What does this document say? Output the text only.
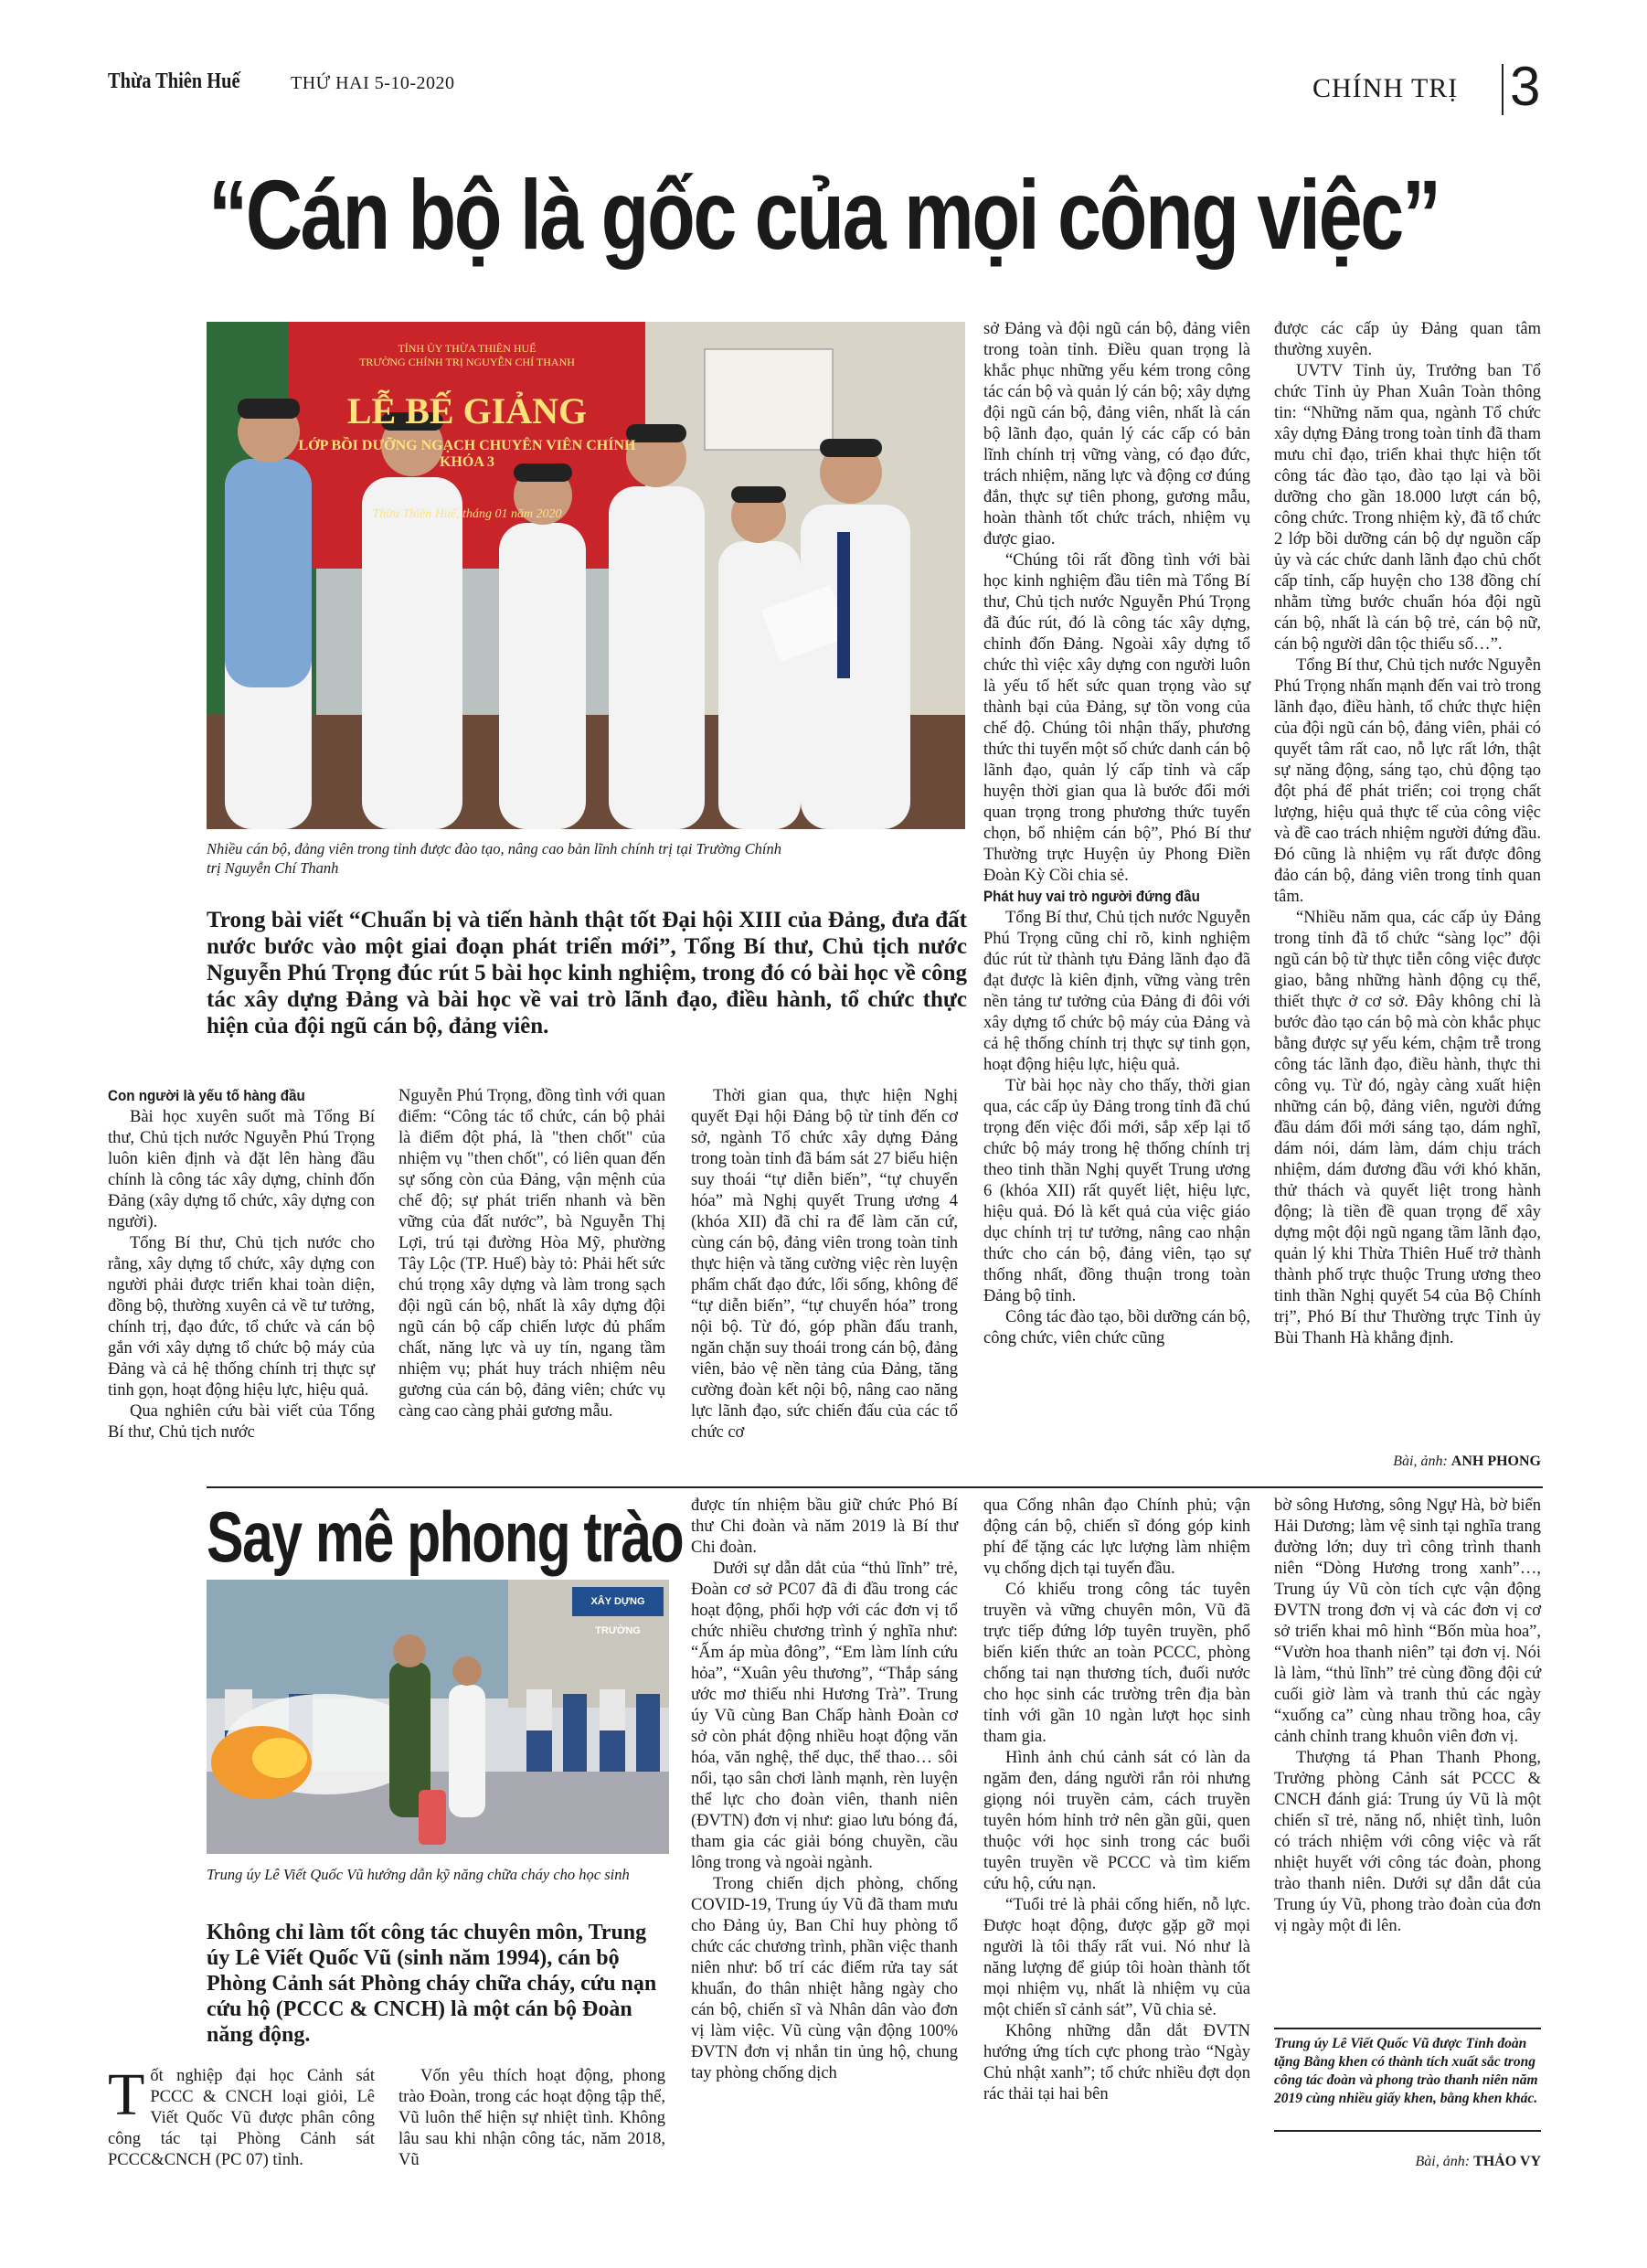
Thừa Thiên Huế	THỨ HAI 5-10-2020	CHÍNH TRỊ 3
“Cán bộ là gốc của mọi công việc”
TỈNH ỦY THỪA THIÊN HUẾ
TRƯỜNG CHÍNH TRỊ NGUYỄN CHÍ THANH
LỄ BẾ GIẢNG
LỚP BỒI DƯỠNG NGẠCH CHUYÊN VIÊN CHÍNH KHÓA 3
Thừa Thiên Huế, tháng 01 năm 2020
Nhiều cán bộ, đảng viên trong tỉnh được đào tạo, nâng cao bản lĩnh chính trị tại Trường Chính trị Nguyễn Chí Thanh
Trong bài viết “Chuẩn bị và tiến hành thật tốt Đại hội XIII của Đảng, đưa đất nước bước vào một giai đoạn phát triển mới”, Tổng Bí thư, Chủ tịch nước Nguyễn Phú Trọng đúc rút 5 bài học kinh nghiệm, trong đó có bài học về công tác xây dựng Đảng và bài học về vai trò lãnh đạo, điều hành, tổ chức thực hiện của đội ngũ cán bộ, đảng viên.

Con người là yếu tố hàng đầu

Bài học xuyên suốt mà Tổng Bí thư, Chủ tịch nước Nguyễn Phú Trọng luôn kiên định và đặt lên hàng đầu chính là công tác xây dựng, chỉnh đốn Đảng (xây dựng tổ chức, xây dựng con người).

Tổng Bí thư, Chủ tịch nước cho rằng, xây dựng tổ chức, xây dựng con người phải được triển khai toàn diện, đồng bộ, thường xuyên cả về tư tưởng, chính trị, đạo đức, tổ chức và cán bộ gắn với xây dựng tổ chức bộ máy của Đảng và cả hệ thống chính trị thực sự tinh gọn, hoạt động hiệu lực, hiệu quả.

Qua nghiên cứu bài viết của Tổng Bí thư, Chủ tịch nước

Nguyễn Phú Trọng, đồng tình với quan điểm: “Công tác tổ chức, cán bộ phải là điểm đột phá, là "then chốt" của nhiệm vụ "then chốt", có liên quan đến sự sống còn của Đảng, vận mệnh của chế độ; sự phát triển nhanh và bền vững của đất nước”, bà Nguyễn Thị Lợi, trú tại đường Hòa Mỹ, phường Tây Lộc (TP. Huế) bày tỏ: Phải hết sức chú trọng xây dựng và làm trong sạch đội ngũ cán bộ, nhất là xây dựng đội ngũ cán bộ cấp chiến lược đủ phẩm chất, năng lực và uy tín, ngang tầm nhiệm vụ; phát huy trách nhiệm nêu gương của cán bộ, đảng viên; chức vụ càng cao càng phải gương mẫu.

Thời gian qua, thực hiện Nghị quyết Đại hội Đảng bộ từ tỉnh đến cơ sở, ngành Tổ chức xây dựng Đảng trong toàn tỉnh đã bám sát 27 biểu hiện suy thoái “tự diễn biến”, “tự chuyển hóa” mà Nghị quyết Trung ương 4 (khóa XII) đã chỉ ra để làm căn cứ, cùng cán bộ, đảng viên trong toàn tỉnh thực hiện và tăng cường việc rèn luyện phẩm chất đạo đức, lối sống, không để “tự diễn biến”, “tự chuyển hóa” trong nội bộ. Từ đó, góp phần đấu tranh, ngăn chặn suy thoái trong cán bộ, đảng viên, bảo vệ nền tảng của Đảng, tăng cường đoàn kết nội bộ, nâng cao năng lực lãnh đạo, sức chiến đấu của các tổ chức cơ

sở Đảng và đội ngũ cán bộ, đảng viên trong toàn tỉnh. Điều quan trọng là khắc phục những yếu kém trong công tác cán bộ và quản lý cán bộ; xây dựng đội ngũ cán bộ, đảng viên, nhất là cán bộ lãnh đạo, quản lý các cấp có bản lĩnh chính trị vững vàng, có đạo đức, trách nhiệm, năng lực và động cơ đúng đắn, thực sự tiên phong, gương mẫu, hoàn thành tốt chức trách, nhiệm vụ được giao.

“Chúng tôi rất đồng tình với bài học kinh nghiệm đầu tiên mà Tổng Bí thư, Chủ tịch nước Nguyễn Phú Trọng đã đúc rút, đó là công tác xây dựng, chỉnh đốn Đảng. Ngoài xây dựng tổ chức thì việc xây dựng con người luôn là yếu tố hết sức quan trọng vào sự thành bại của Đảng, sự tồn vong của chế độ. Chúng tôi nhận thấy, phương thức thi tuyển một số chức danh cán bộ lãnh đạo, quản lý cấp tỉnh và cấp huyện thời gian qua là bước đổi mới quan trọng trong phương thức tuyển chọn, bổ nhiệm cán bộ”, Phó Bí thư Thường trực Huyện ủy Phong Điền Đoàn Kỳ Cồi chia sẻ.

Phát huy vai trò người đứng đầu

Tổng Bí thư, Chủ tịch nước Nguyễn Phú Trọng cũng chỉ rõ, kinh nghiệm đúc rút từ thành tựu Đảng lãnh đạo đã đạt được là kiên định, vững vàng trên nền tảng tư tưởng của Đảng đi đôi với xây dựng tổ chức bộ máy của Đảng và cả hệ thống chính trị thực sự tinh gọn, hoạt động hiệu lực, hiệu quả.

Từ bài học này cho thấy, thời gian qua, các cấp ủy Đảng trong tỉnh đã chú trọng đến việc đổi mới, sắp xếp lại tổ chức bộ máy trong hệ thống chính trị theo tinh thần Nghị quyết Trung ương 6 (khóa XII) rất quyết liệt, hiệu lực, hiệu quả. Đó là kết quả của việc giáo dục chính trị tư tưởng, nâng cao nhận thức cho cán bộ, đảng viên, tạo sự thống nhất, đồng thuận trong toàn Đảng bộ tỉnh.

Công tác đào tạo, bồi dưỡng cán bộ, công chức, viên chức cũng

được các cấp ủy Đảng quan tâm thường xuyên.

UVTV Tỉnh ủy, Trưởng ban Tổ chức Tỉnh ủy Phan Xuân Toàn thông tin: “Những năm qua, ngành Tổ chức xây dựng Đảng trong toàn tỉnh đã tham mưu chỉ đạo, triển khai thực hiện tốt công tác đào tạo, đào tạo lại và bồi dưỡng cho gần 18.000 lượt cán bộ, công chức. Trong nhiệm kỳ, đã tổ chức 2 lớp bồi dưỡng cán bộ dự nguồn cấp ủy và các chức danh lãnh đạo chủ chốt cấp tỉnh, cấp huyện cho 138 đồng chí nhằm từng bước chuẩn hóa đội ngũ cán bộ, nhất là cán bộ trẻ, cán bộ nữ, cán bộ người dân tộc thiểu số…”.

Tổng Bí thư, Chủ tịch nước Nguyễn Phú Trọng nhấn mạnh đến vai trò trong lãnh đạo, điều hành, tổ chức thực hiện của đội ngũ cán bộ, đảng viên, phải có quyết tâm rất cao, nỗ lực rất lớn, thật sự năng động, sáng tạo, chủ động tạo đột phá để phát triển; coi trọng chất lượng, hiệu quả thực tế của công việc và đề cao trách nhiệm người đứng đầu. Đó cũng là nhiệm vụ rất được đông đảo cán bộ, đảng viên trong tỉnh quan tâm.

“Nhiều năm qua, các cấp ủy Đảng trong tỉnh đã tổ chức “sàng lọc” đội ngũ cán bộ từ thực tiễn công việc được giao, bằng những hành động cụ thể, thiết thực ở cơ sở. Đây không chỉ là bước đào tạo cán bộ mà còn khắc phục bằng được sự yếu kém, chậm trễ trong công tác lãnh đạo, điều hành, thực thi công vụ. Từ đó, ngày càng xuất hiện những cán bộ, đảng viên, người đứng đầu dám đổi mới sáng tạo, dám nghĩ, dám nói, dám làm, dám chịu trách nhiệm, dám đương đầu với khó khăn, thử thách và quyết liệt trong hành động; là tiền đề quan trọng để xây dựng một đội ngũ ngang tầm lãnh đạo, quản lý khi Thừa Thiên Huế trở thành thành phố trực thuộc Trung ương theo tinh thần Nghị quyết 54 của Bộ Chính trị”, Phó Bí thư Thường trực Tỉnh ủy Bùi Thanh Hà khẳng định.

Bài, ảnh: ANH PHONG
Say mê phong trào
XÂY DỰNG TRƯỜNG
Trung úy Lê Viết Quốc Vũ hướng dẫn kỹ năng chữa cháy cho học sinh
Không chỉ làm tốt công tác chuyên môn, Trung úy Lê Viết Quốc Vũ (sinh năm 1994), cán bộ Phòng Cảnh sát Phòng cháy chữa cháy, cứu nạn cứu hộ (PCCC & CNCH) là một cán bộ Đoàn năng động.
Tốt nghiệp đại học Cảnh sát PCCC & CNCH loại giỏi, Lê Viết Quốc Vũ được phân công công tác tại Phòng Cảnh sát PCCC&CNCH (PC 07) tỉnh.

Vốn yêu thích hoạt động, phong trào Đoàn, trong các hoạt động tập thể, Vũ luôn thể hiện sự nhiệt tình. Không lâu sau khi nhận công tác, năm 2018, Vũ

được tín nhiệm bầu giữ chức Phó Bí thư Chi đoàn và năm 2019 là Bí thư Chi đoàn.

Dưới sự dẫn dắt của “thủ lĩnh” trẻ, Đoàn cơ sở PC07 đã đi đầu trong các hoạt động, phối hợp với các đơn vị tổ chức nhiều chương trình ý nghĩa như: “Ấm áp mùa đông”, “Em làm lính cứu hỏa”, “Xuân yêu thương”, “Thắp sáng ước mơ thiếu nhi Hương Trà”. Trung úy Vũ cùng Ban Chấp hành Đoàn cơ sở còn phát động nhiều hoạt động văn hóa, văn nghệ, thể dục, thể thao… sôi nổi, tạo sân chơi lành mạnh, rèn luyện thể lực cho đoàn viên, thanh niên (ĐVTN) đơn vị như: giao lưu bóng đá, tham gia các giải bóng chuyền, cầu lông trong và ngoài ngành.

Trong chiến dịch phòng, chống COVID-19, Trung úy Vũ đã tham mưu cho Đảng ủy, Ban Chỉ huy phòng tổ chức các chương trình, phần việc thanh niên như: bố trí các điểm rửa tay sát khuẩn, đo thân nhiệt hằng ngày cho cán bộ, chiến sĩ và Nhân dân vào đơn vị làm việc. Vũ cùng vận động 100% ĐVTN đơn vị nhắn tin ủng hộ, chung tay phòng chống dịch

qua Cổng nhân đạo Chính phủ; vận động cán bộ, chiến sĩ đóng góp kinh phí để tặng các lực lượng làm nhiệm vụ chống dịch tại tuyến đầu.

Có khiếu trong công tác tuyên truyền và vững chuyên môn, Vũ đã trực tiếp đứng lớp tuyên truyền, phổ biến kiến thức an toàn PCCC, phòng chống tai nạn thương tích, đuối nước cho học sinh các trường trên địa bàn tỉnh với gần 10 ngàn lượt học sinh tham gia.

Hình ảnh chú cảnh sát có làn da ngăm đen, dáng người rắn rỏi nhưng giọng nói truyền cảm, cách truyền tuyên hóm hỉnh trở nên gần gũi, quen thuộc với học sinh trong các buổi tuyên truyền về PCCC và tìm kiếm cứu hộ, cứu nạn.

“Tuổi trẻ là phải cống hiến, nỗ lực. Được hoạt động, được gặp gỡ mọi người là tôi thấy rất vui. Nó như là năng lượng để giúp tôi hoàn thành tốt mọi nhiệm vụ, nhất là nhiệm vụ của một chiến sĩ cảnh sát”, Vũ chia sẻ.

Không những dẫn dắt ĐVTN hướng ứng tích cực phong trào “Ngày Chủ nhật xanh”; tổ chức nhiều đợt dọn rác thải tại hai bên

bờ sông Hương, sông Ngự Hà, bờ biển Hải Dương; làm vệ sinh tại nghĩa trang đường lớn; duy trì công trình thanh niên “Dòng Hương trong xanh”…, Trung úy Vũ còn tích cực vận động ĐVTN trong đơn vị và các đơn vị cơ sở triển khai mô hình “Bốn mùa hoa”, “Vườn hoa thanh niên” tại đơn vị. Nói là làm, “thủ lĩnh” trẻ cùng đồng đội cứ cuối giờ làm và tranh thủ các ngày “xuống ca” cùng nhau trồng hoa, cây cảnh chỉnh trang khuôn viên đơn vị.

Thượng tá Phan Thanh Phong, Trưởng phòng Cảnh sát PCCC & CNCH đánh giá: Trung úy Vũ là một chiến sĩ trẻ, năng nổ, nhiệt tình, luôn có trách nhiệm với công việc và rất nhiệt huyết với công tác đoàn, phong trào thanh niên. Dưới sự dẫn dắt của Trung úy Vũ, phong trào đoàn của đơn vị ngày một đi lên.

Trung úy Lê Viết Quốc Vũ được Tỉnh đoàn tặng Bằng khen có thành tích xuất sắc trong công tác đoàn và phong trào thanh niên năm 2019 cùng nhiều giấy khen, bằng khen khác.
Bài, ảnh: THẢO VY
